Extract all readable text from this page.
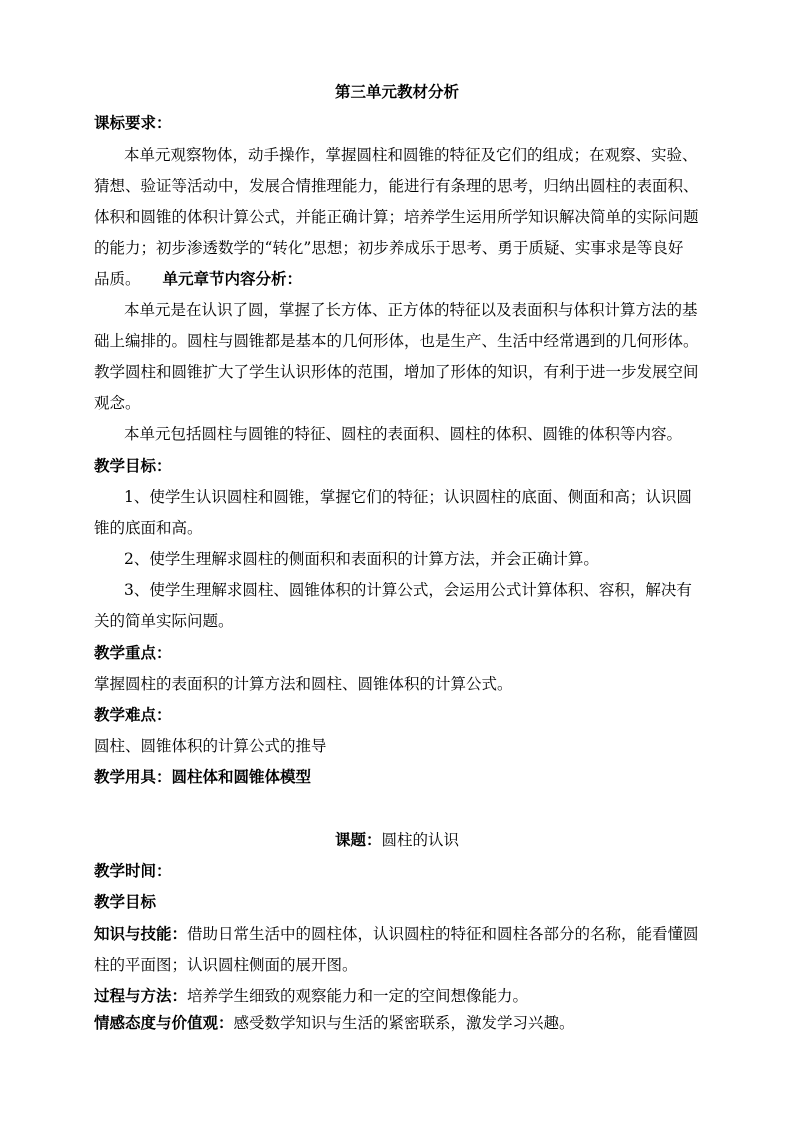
第三单元教材分析
课标要求：
本单元观察物体，动手操作，掌握圆柱和圆锥的特征及它们的组成；在观察、实验、
猜想、验证等活动中，发展合情推理能力，能进行有条理的思考，归纳出圆柱的表面积、
体积和圆锥的体积计算公式，并能正确计算；培养学生运用所学知识解决简单的实际问题
的能力；初步渗透数学的“转化”思想；初步养成乐于思考、勇于质疑、实事求是等良好
品质。 单元章节内容分析：
本单元是在认识了圆，掌握了长方体、正方体的特征以及表面积与体积计算方法的基
础上编排的。圆柱与圆锥都是基本的几何形体，也是生产、生活中经常遇到的几何形体。
教学圆柱和圆锥扩大了学生认识形体的范围，增加了形体的知识，有利于进一步发展空间
观念。
本单元包括圆柱与圆锥的特征、圆柱的表面积、圆柱的体积、圆锥的体积等内容。
教学目标：
1、使学生认识圆柱和圆锥，掌握它们的特征；认识圆柱的底面、侧面和高；认识圆
锥的底面和高。
2、使学生理解求圆柱的侧面积和表面积的计算方法，并会正确计算。
3、使学生理解求圆柱、圆锥体积的计算公式，会运用公式计算体积、容积，解决有
关的简单实际问题。
教学重点：
掌握圆柱的表面积的计算方法和圆柱、圆锥体积的计算公式。
教学难点：
圆柱、圆锥体积的计算公式的推导
教学用具：圆柱体和圆锥体模型
课题：圆柱的认识
教学时间：
教学目标
知识与技能：借助日常生活中的圆柱体，认识圆柱的特征和圆柱各部分的名称，能看懂圆
柱的平面图；认识圆柱侧面的展开图。
过程与方法：培养学生细致的观察能力和一定的空间想像能力。
情感态度与价值观：感受数学知识与生活的紧密联系，激发学习兴趣。
